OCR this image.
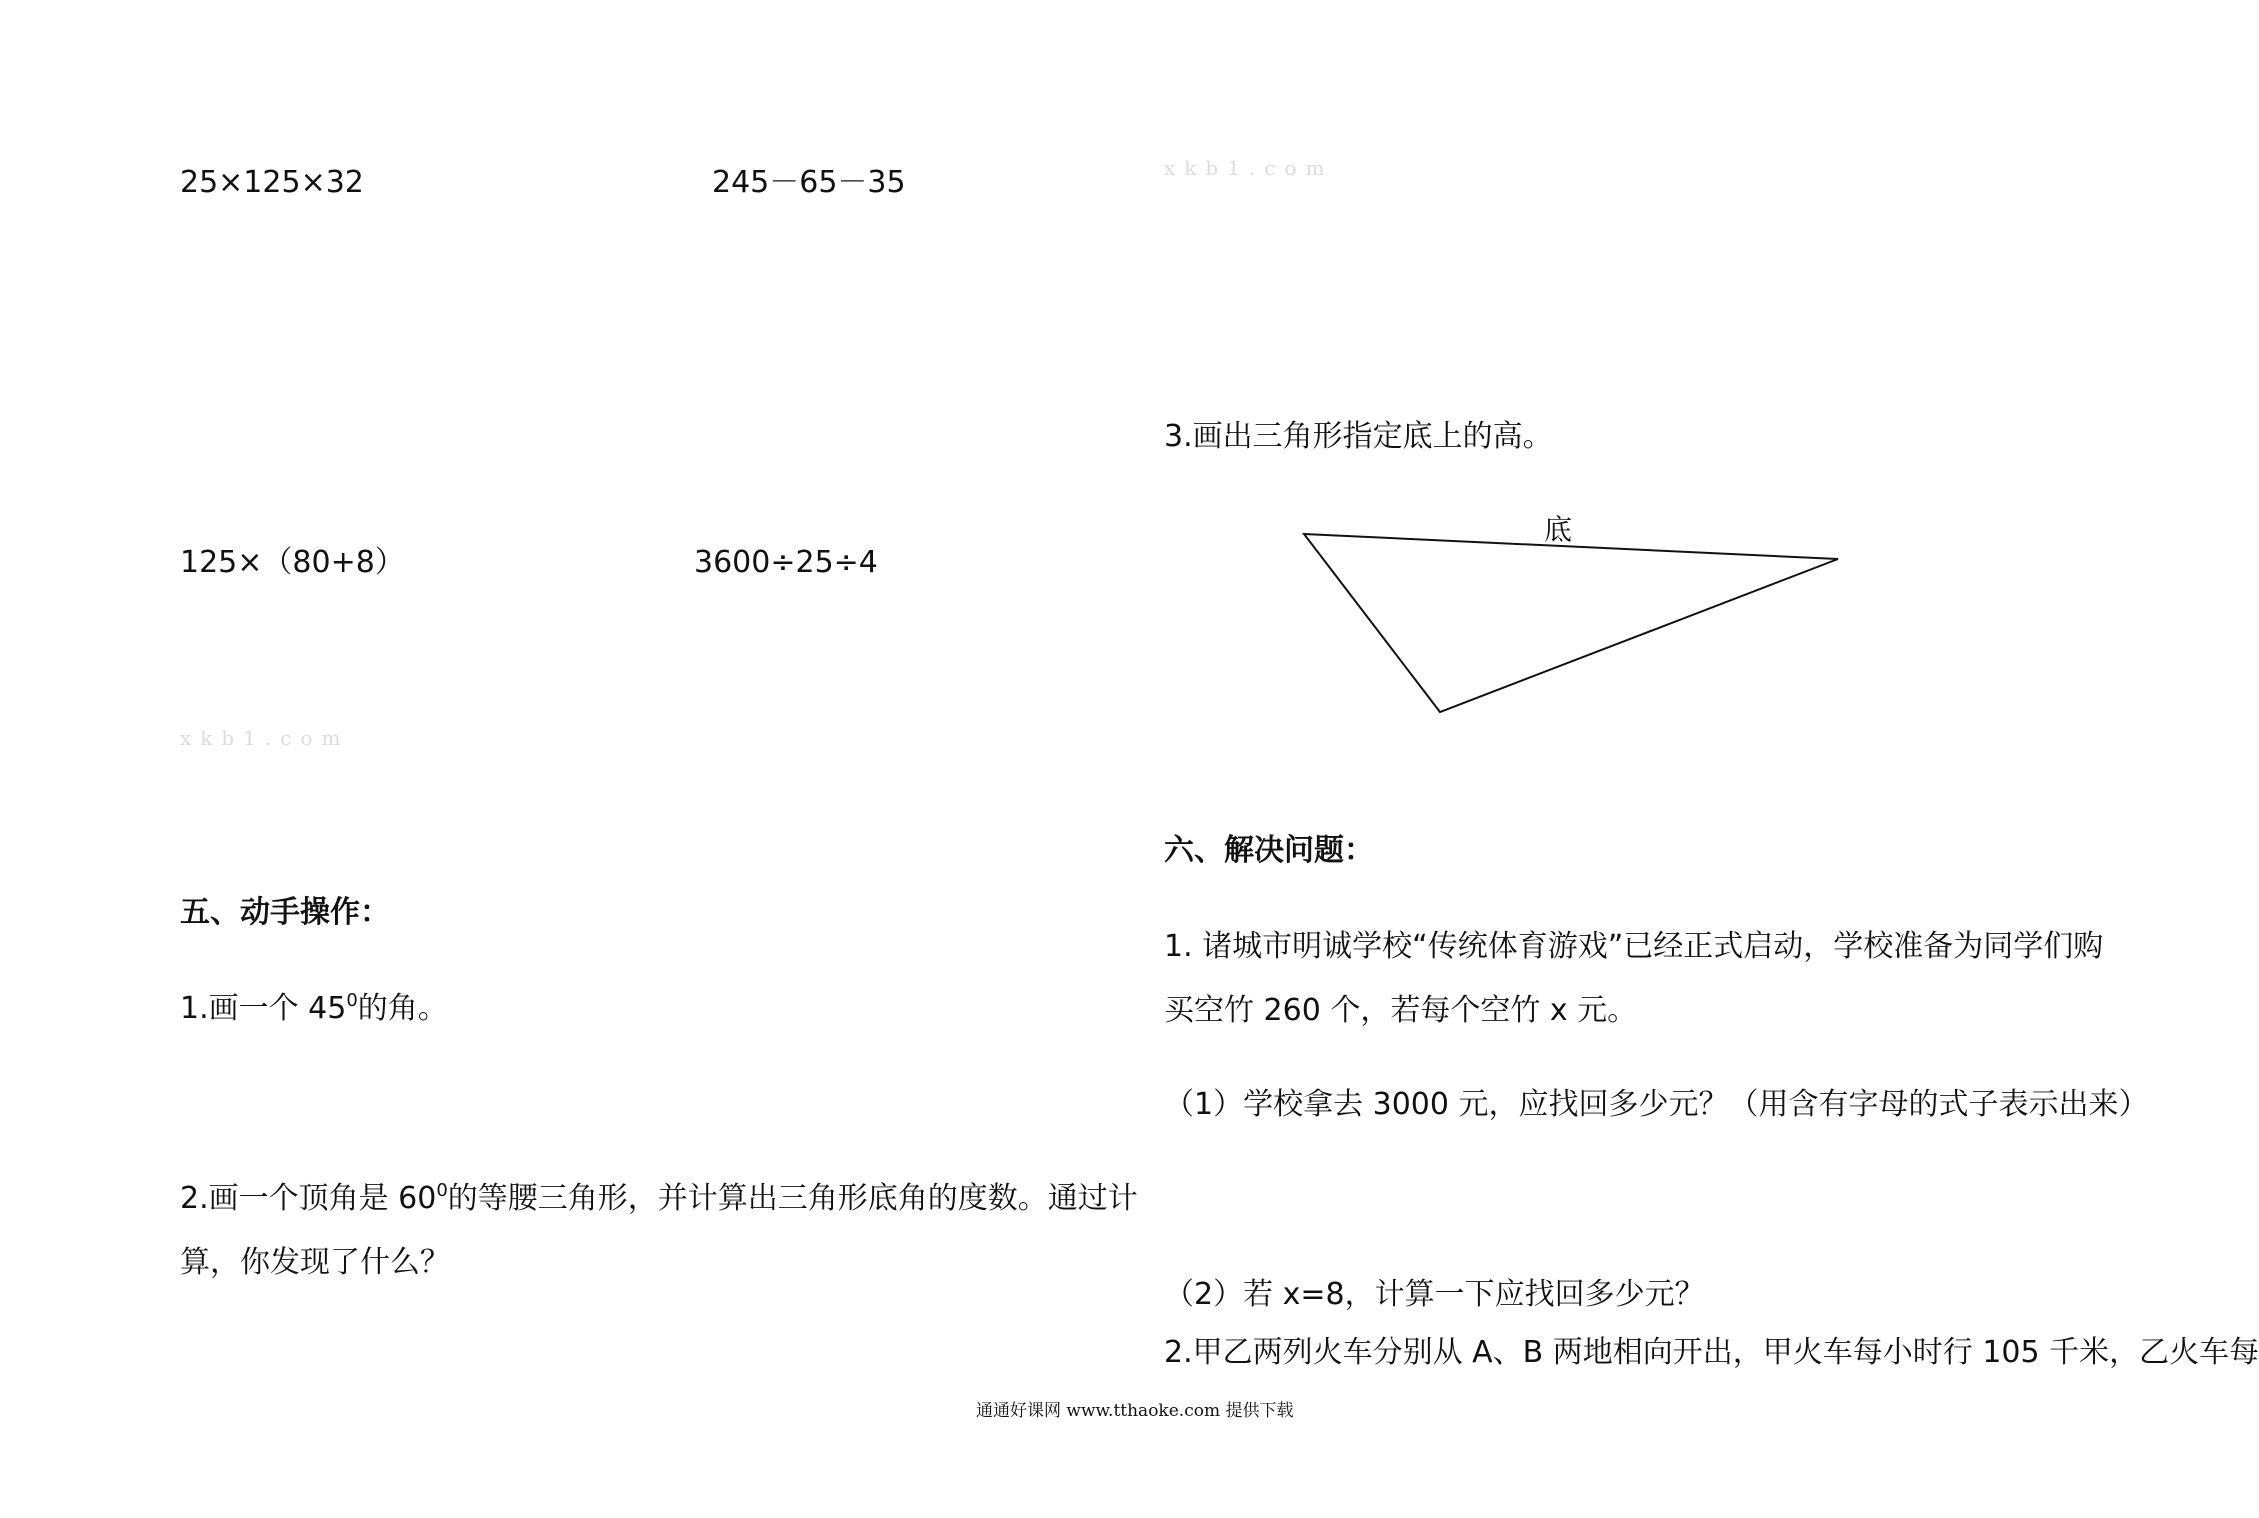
25×125×32	245－65－35
125×（80+8）	3600÷25÷4
xkb1.com
五、动手操作：
1.画一个 $45^0$的角。
2.画一个顶角是 $60^0$的等腰三角形，并计算出三角形底角的度数。通过计
算，你发现了什么？
xkb1.com
3.画出三角形指定底上的高。
底
六、解决问题：
1. 诸城市明诚学校“传统体育游戏”已经正式启动，学校准备为同学们购
买空竹 260 个，若每个空竹 x 元。
（1）学校拿去 3000 元，应找回多少元？（用含有字母的式子表示出来）
（2）若 x=8，计算一下应找回多少元？
2.甲乙两列火车分别从 A、B 两地相向开出，甲火车每小时行 105 千米，乙火车每
通通好课网 www.tthaoke.com 提供下载
